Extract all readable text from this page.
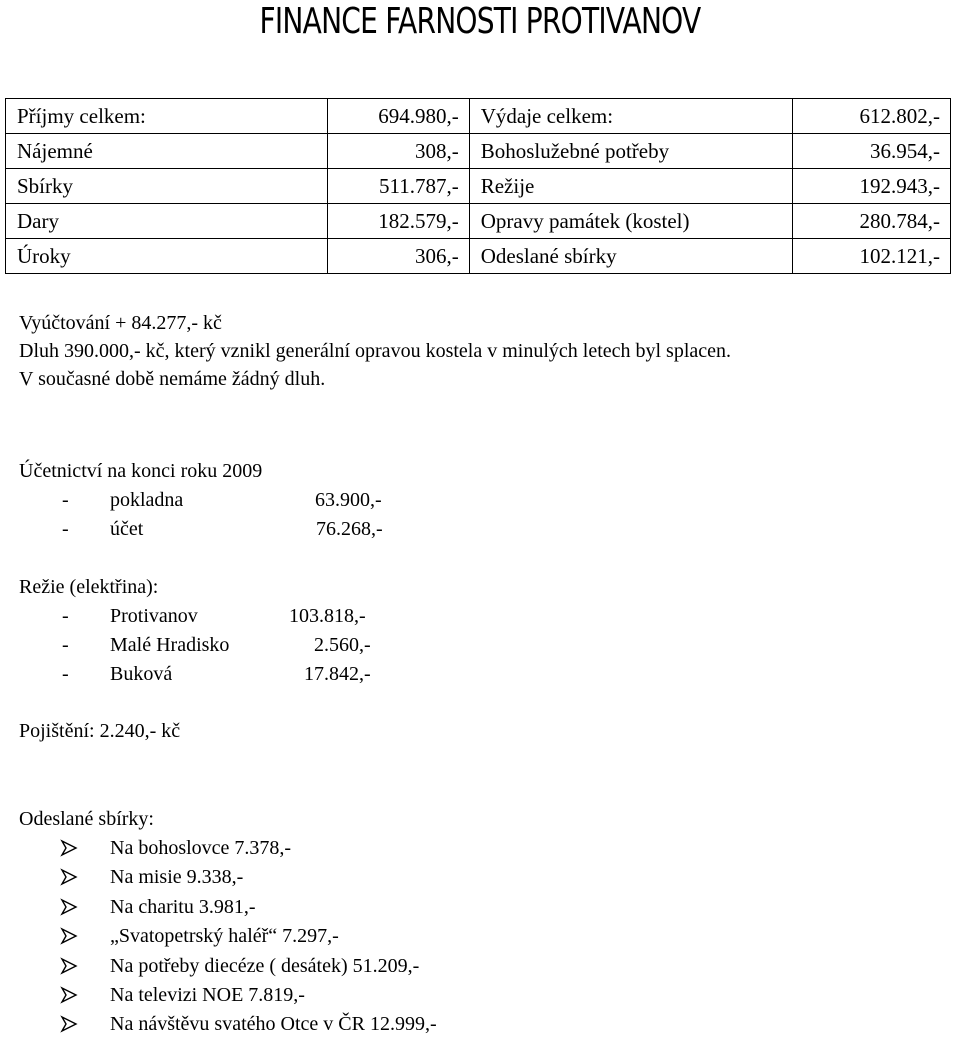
FINANCE FARNOSTI PROTIVANOV
Příjmy celkem:	694.980,-	Výdaje celkem:	612.802,-
Nájemné	308,-	Bohoslužebné potřeby	36.954,-
Sbírky	511.787,-	Režije	192.943,-
Dary	182.579,-	Opravy památek (kostel)	280.784,-
Úroky	306,-	Odeslané sbírky	102.121,-
Vyúčtování + 84.277,- kč
Dluh 390.000,- kč, který vznikl generální opravou kostela v minulých letech byl splacen.
V současné době nemáme žádný dluh.
Účetnictví na konci roku 2009
- pokladna	63.900,-
- účet	76.268,-
Režie (elektřina):
- Protivanov	103.818,-
- Malé Hradisko	2.560,-
- Buková	17.842,-
Pojištění: 2.240,- kč
Odeslané sbírky:
Na bohoslovce 7.378,-
Na misie 9.338,-
Na charitu 3.981,-
„Svatopetrský haléř“ 7.297,-
Na potřeby diecéze ( desátek) 51.209,-
Na televizi NOE 7.819,-
Na návštěvu svatého Otce v ČR 12.999,-
